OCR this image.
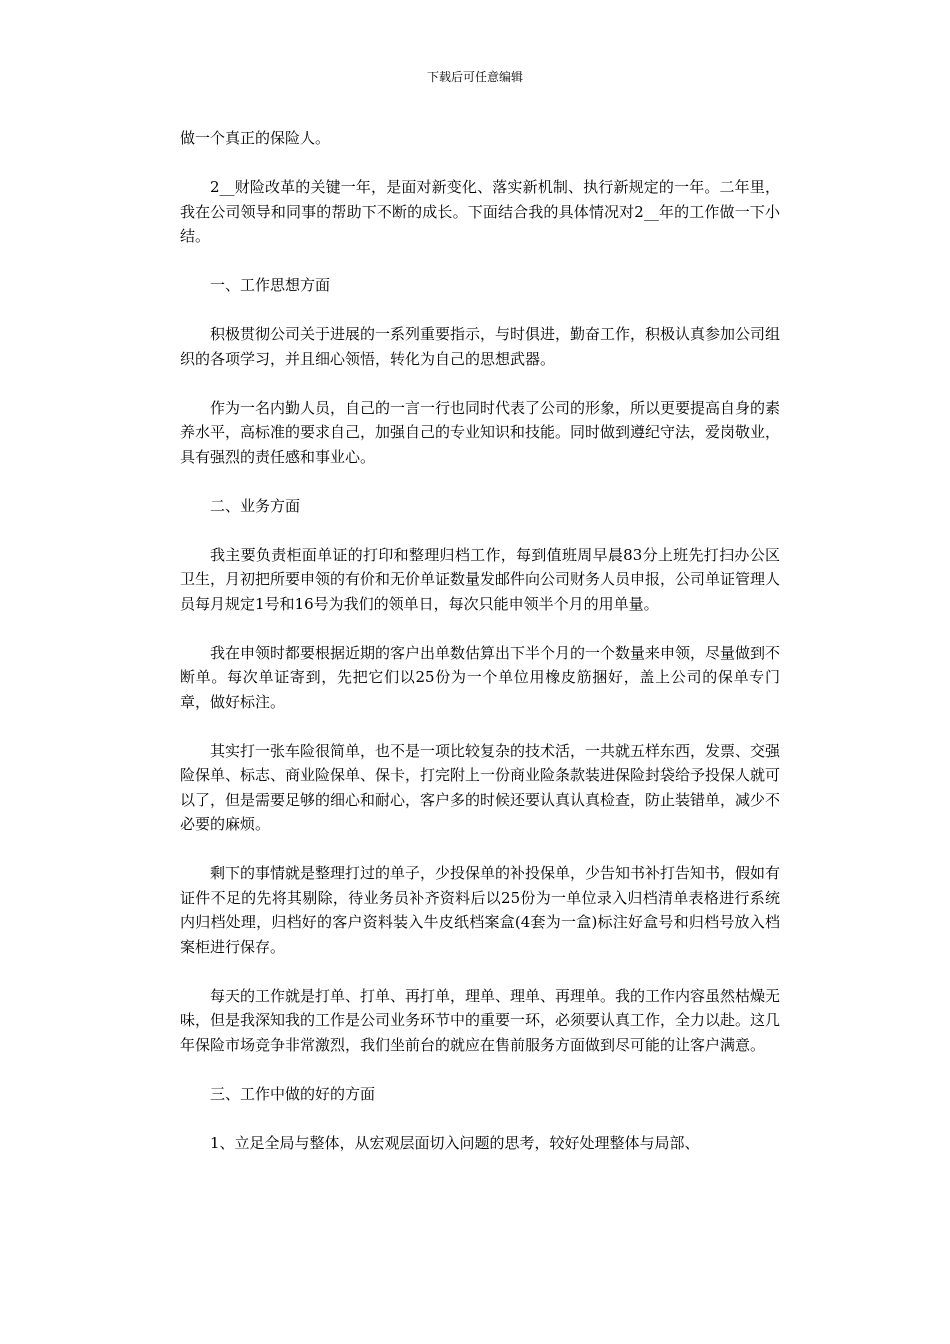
下载后可任意编辑

做一个真正的保险人。

2__财险改革的关键一年，是面对新变化、落实新机制、执行新规定的一年。二年里，我在公司领导和同事的帮助下不断的成长。下面结合我的具体情况对2__年的工作做一下小结。

一、工作思想方面

积极贯彻公司关于进展的一系列重要指示，与时俱进，勤奋工作，积极认真参加公司组织的各项学习，并且细心领悟，转化为自己的思想武器。

作为一名内勤人员，自己的一言一行也同时代表了公司的形象，所以更要提高自身的素养水平，高标准的要求自己，加强自己的专业知识和技能。同时做到遵纪守法，爱岗敬业，具有强烈的责任感和事业心。

二、业务方面

我主要负责柜面单证的打印和整理归档工作，每到值班周早晨83分上班先打扫办公区卫生，月初把所要申领的有价和无价单证数量发邮件向公司财务人员申报，公司单证管理人员每月规定1号和16号为我们的领单日，每次只能申领半个月的用单量。

我在申领时都要根据近期的客户出单数估算出下半个月的一个数量来申领，尽量做到不断单。每次单证寄到，先把它们以25份为一个单位用橡皮筋捆好，盖上公司的保单专门章，做好标注。

其实打一张车险很简单，也不是一项比较复杂的技术活，一共就五样东西，发票、交强险保单、标志、商业险保单、保卡，打完附上一份商业险条款装进保险封袋给予投保人就可以了，但是需要足够的细心和耐心，客户多的时候还要认真认真检查，防止装错单，减少不必要的麻烦。

剩下的事情就是整理打过的单子，少投保单的补投保单，少告知书补打告知书，假如有证件不足的先将其剔除，待业务员补齐资料后以25份为一单位录入归档清单表格进行系统内归档处理，归档好的客户资料装入牛皮纸档案盒(4套为一盒)标注好盒号和归档号放入档案柜进行保存。

每天的工作就是打单、打单、再打单，理单、理单、再理单。我的工作内容虽然枯燥无味，但是我深知我的工作是公司业务环节中的重要一环，必须要认真工作，全力以赴。这几年保险市场竞争非常激烈，我们坐前台的就应在售前服务方面做到尽可能的让客户满意。

三、工作中做的好的方面

1、立足全局与整体，从宏观层面切入问题的思考，较好处理整体与局部、
